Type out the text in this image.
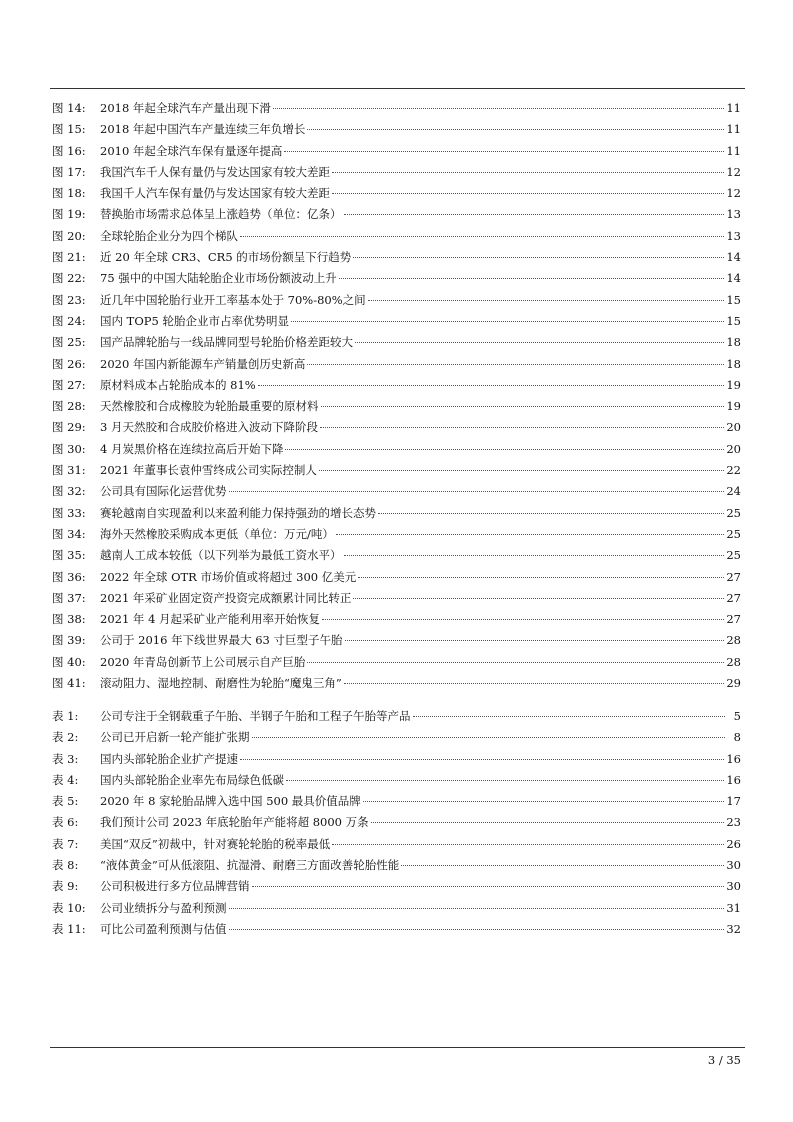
图 14:	2018 年起全球汽车产量出现下滑	11
图 15:	2018 年起中国汽车产量连续三年负增长	11
图 16:	2010 年起全球汽车保有量逐年提高	11
图 17:	我国汽车千人保有量仍与发达国家有较大差距	12
图 18:	我国千人汽车保有量仍与发达国家有较大差距	12
图 19:	替换胎市场需求总体呈上涨趋势（单位：亿条）	13
图 20:	全球轮胎企业分为四个梯队	13
图 21:	近 20 年全球 CR3、CR5 的市场份额呈下行趋势	14
图 22:	75 强中的中国大陆轮胎企业市场份额波动上升	14
图 23:	近几年中国轮胎行业开工率基本处于 70%-80%之间	15
图 24:	国内 TOP5 轮胎企业市占率优势明显	15
图 25:	国产品牌轮胎与一线品牌同型号轮胎价格差距较大	18
图 26:	2020 年国内新能源车产销量创历史新高	18
图 27:	原材料成本占轮胎成本的 81%	19
图 28:	天然橡胶和合成橡胶为轮胎最重要的原材料	19
图 29:	3 月天然胶和合成胶价格进入波动下降阶段	20
图 30:	4 月炭黑价格在连续拉高后开始下降	20
图 31:	2021 年董事长袁仲雪终成公司实际控制人	22
图 32:	公司具有国际化运营优势	24
图 33:	赛轮越南自实现盈利以来盈利能力保持强劲的增长态势	25
图 34:	海外天然橡胶采购成本更低（单位：万元/吨）	25
图 35:	越南人工成本较低（以下列举为最低工资水平）	25
图 36:	2022 年全球 OTR 市场价值或将超过 300 亿美元	27
图 37:	2021 年采矿业固定资产投资完成额累计同比转正	27
图 38:	2021 年 4 月起采矿业产能利用率开始恢复	27
图 39:	公司于 2016 年下线世界最大 63 寸巨型子午胎	28
图 40:	2020 年青岛创新节上公司展示自产巨胎	28
图 41:	滚动阻力、湿地控制、耐磨性为轮胎“魔鬼三角”	29
表 1:	公司专注于全钢载重子午胎、半钢子午胎和工程子午胎等产品	5
表 2:	公司已开启新一轮产能扩张期	8
表 3:	国内头部轮胎企业扩产提速	16
表 4:	国内头部轮胎企业率先布局绿色低碳	16
表 5:	2020 年 8 家轮胎品牌入选中国 500 最具价值品牌	17
表 6:	我们预计公司 2023 年底轮胎年产能将超 8000 万条	23
表 7:	美国“双反”初裁中，针对赛轮轮胎的税率最低	26
表 8:	“液体黄金”可从低滚阻、抗湿滑、耐磨三方面改善轮胎性能	30
表 9:	公司积极进行多方位品牌营销	30
表 10:	公司业绩拆分与盈利预测	31
表 11:	可比公司盈利预测与估值	32
3 / 35
